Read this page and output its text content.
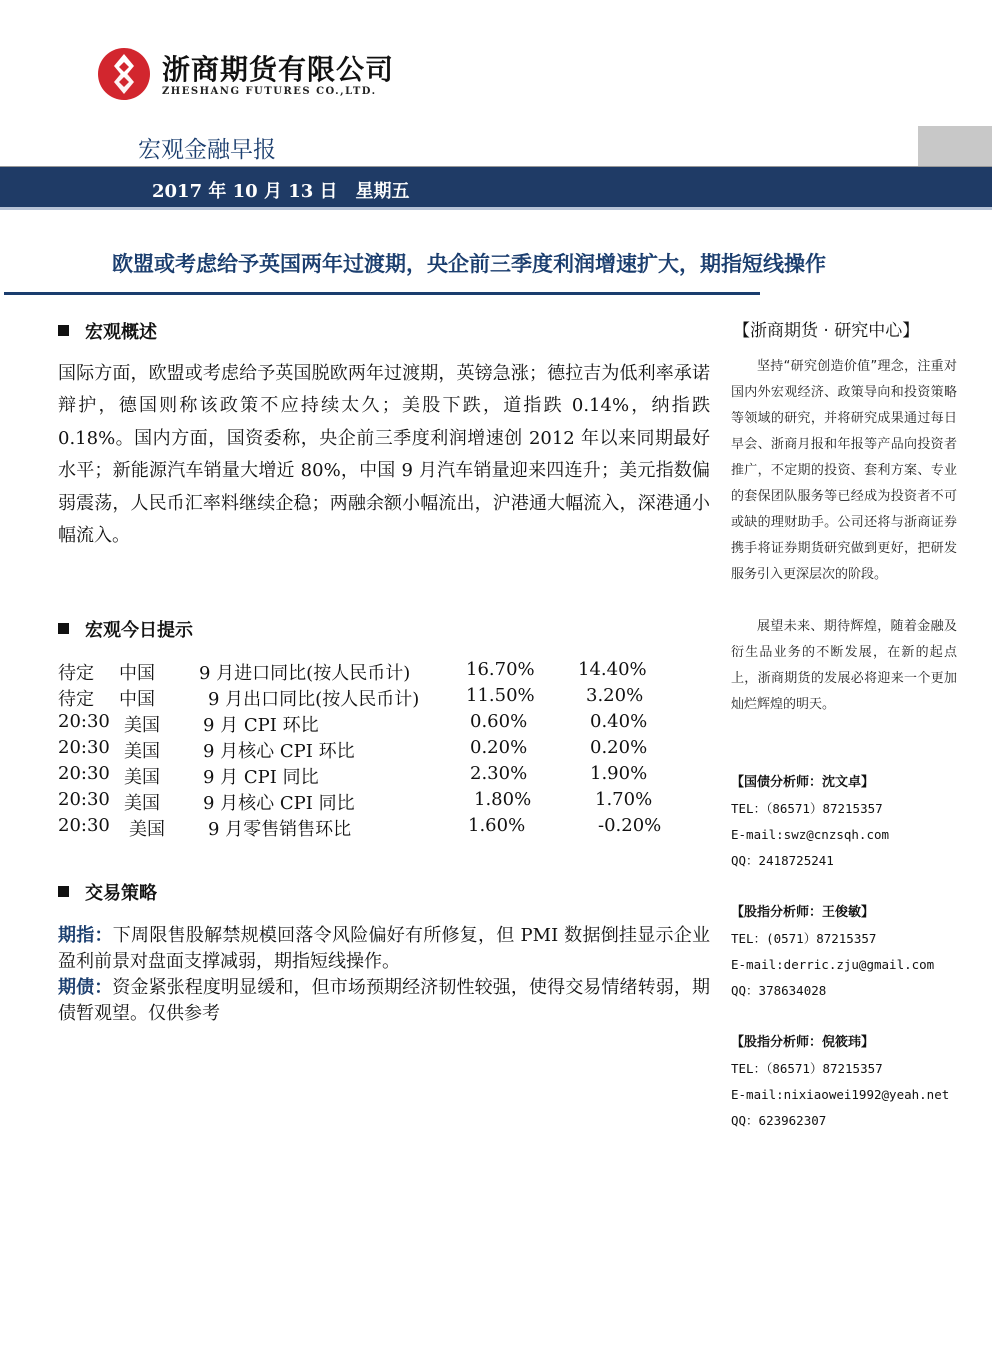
浙商期货有限公司
ZHESHANG FUTURES CO.,LTD.
宏观金融早报
2017 年 10 月 13 日　星期五
欧盟或考虑给予英国两年过渡期，央企前三季度利润增速扩大，期指短线操作
宏观概述
国际方面，欧盟或考虑给予英国脱欧两年过渡期，英镑急涨；德拉吉为低利率承诺辩护，德国则称该政策不应持续太久；美股下跌，道指跌 0.14%，纳指跌 0.18%。国内方面，国资委称，央企前三季度利润增速创 2012 年以来同期最好水平；新能源汽车销量大增近 80%，中国 9 月汽车销量迎来四连升；美元指数偏弱震荡，人民币汇率料继续企稳；两融余额小幅流出，沪港通大幅流入，深港通小幅流入。
宏观今日提示
待定 中国 9 月进口同比(按人民币计)	16.70% 14.40%
待定 中国	9 月出口同比(按人民币计)	11.50%	3.20%
20:30 美国 9 月 CPI 环比	0.60%	0.40%
20:30 美国 9 月核心 CPI 环比	0.20%	0.20%
20:30 美国 9 月 CPI 同比	2.30%	1.90%
20:30 美国 9 月核心 CPI 同比	1.80%	1.70%
20:30 美国 9 月零售销售环比	1.60%	-0.20%
交易策略
期指：下周限售股解禁规模回落令风险偏好有所修复，但 PMI 数据倒挂显示企业盈利前景对盘面支撑减弱，期指短线操作。
期债：资金紧张程度明显缓和，但市场预期经济韧性较强，使得交易情绪转弱，期债暂观望。仅供参考
【浙商期货 · 研究中心】
坚持“研究创造价值”理念，注重对国内外宏观经济、政策导向和投资策略等领域的研究，并将研究成果通过每日早会、浙商月报和年报等产品向投资者推广，不定期的投资、套利方案、专业的套保团队服务等已经成为投资者不可或缺的理财助手。公司还将与浙商证券携手将证券期货研究做到更好，把研发服务引入更深层次的阶段。
展望未来、期待辉煌，随着金融及衍生品业务的不断发展，在新的起点上，浙商期货的发展必将迎来一个更加灿烂辉煌的明天。
【国债分析师：沈文卓】
TEL：（86571）87215357
E-mail:swz@cnzsqh.com
QQ：2418725241
【股指分析师：王俊敏】
TEL：(0571）87215357
E-mail:derric.zju@gmail.com
QQ：378634028
【股指分析师：倪筱玮】
TEL：（86571）87215357
E-mail:nixiaowei1992@yeah.net
QQ：623962307
